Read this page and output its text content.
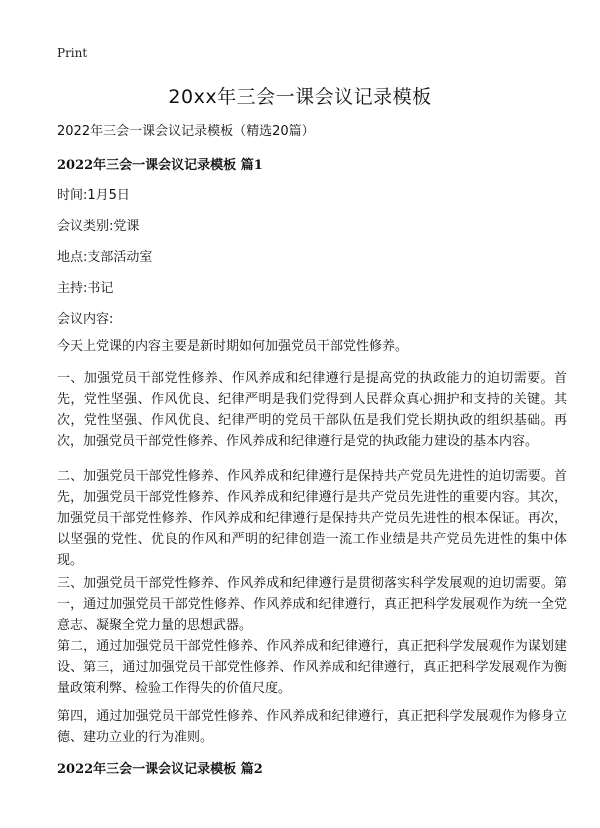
Print
20xx年三会一课会议记录模板
2022年三会一课会议记录模板（精选20篇）
2022年三会一课会议记录模板 篇1
时间:1月5日
会议类别:党课
地点:支部活动室
主持:书记
会议内容:
今天上党课的内容主要是新时期如何加强党员干部党性修养。
一、加强党员干部党性修养、作风养成和纪律遵行是提高党的执政能力的迫切需要。首先，党性坚强、作风优良、纪律严明是我们党得到人民群众真心拥护和支持的关键。其次，党性坚强、作风优良、纪律严明的党员干部队伍是我们党长期执政的组织基础。再次，加强党员干部党性修养、作风养成和纪律遵行是党的执政能力建设的基本内容。
二、加强党员干部党性修养、作风养成和纪律遵行是保持共产党员先进性的迫切需要。首先，加强党员干部党性修养、作风养成和纪律遵行是共产党员先进性的重要内容。其次，加强党员干部党性修养、作风养成和纪律遵行是保持共产党员先进性的根本保证。再次，以坚强的党性、优良的作风和严明的纪律创造一流工作业绩是共产党员先进性的集中体现。
三、加强党员干部党性修养、作风养成和纪律遵行是贯彻落实科学发展观的迫切需要。第一，通过加强党员干部党性修养、作风养成和纪律遵行，真正把科学发展观作为统一全党意志、凝聚全党力量的思想武器。
第二，通过加强党员干部党性修养、作风养成和纪律遵行，真正把科学发展观作为谋划建设、第三，通过加强党员干部党性修养、作风养成和纪律遵行，真正把科学发展观作为衡量政策利弊、检验工作得失的价值尺度。
第四，通过加强党员干部党性修养、作风养成和纪律遵行，真正把科学发展观作为修身立德、建功立业的行为准则。
2022年三会一课会议记录模板 篇2
